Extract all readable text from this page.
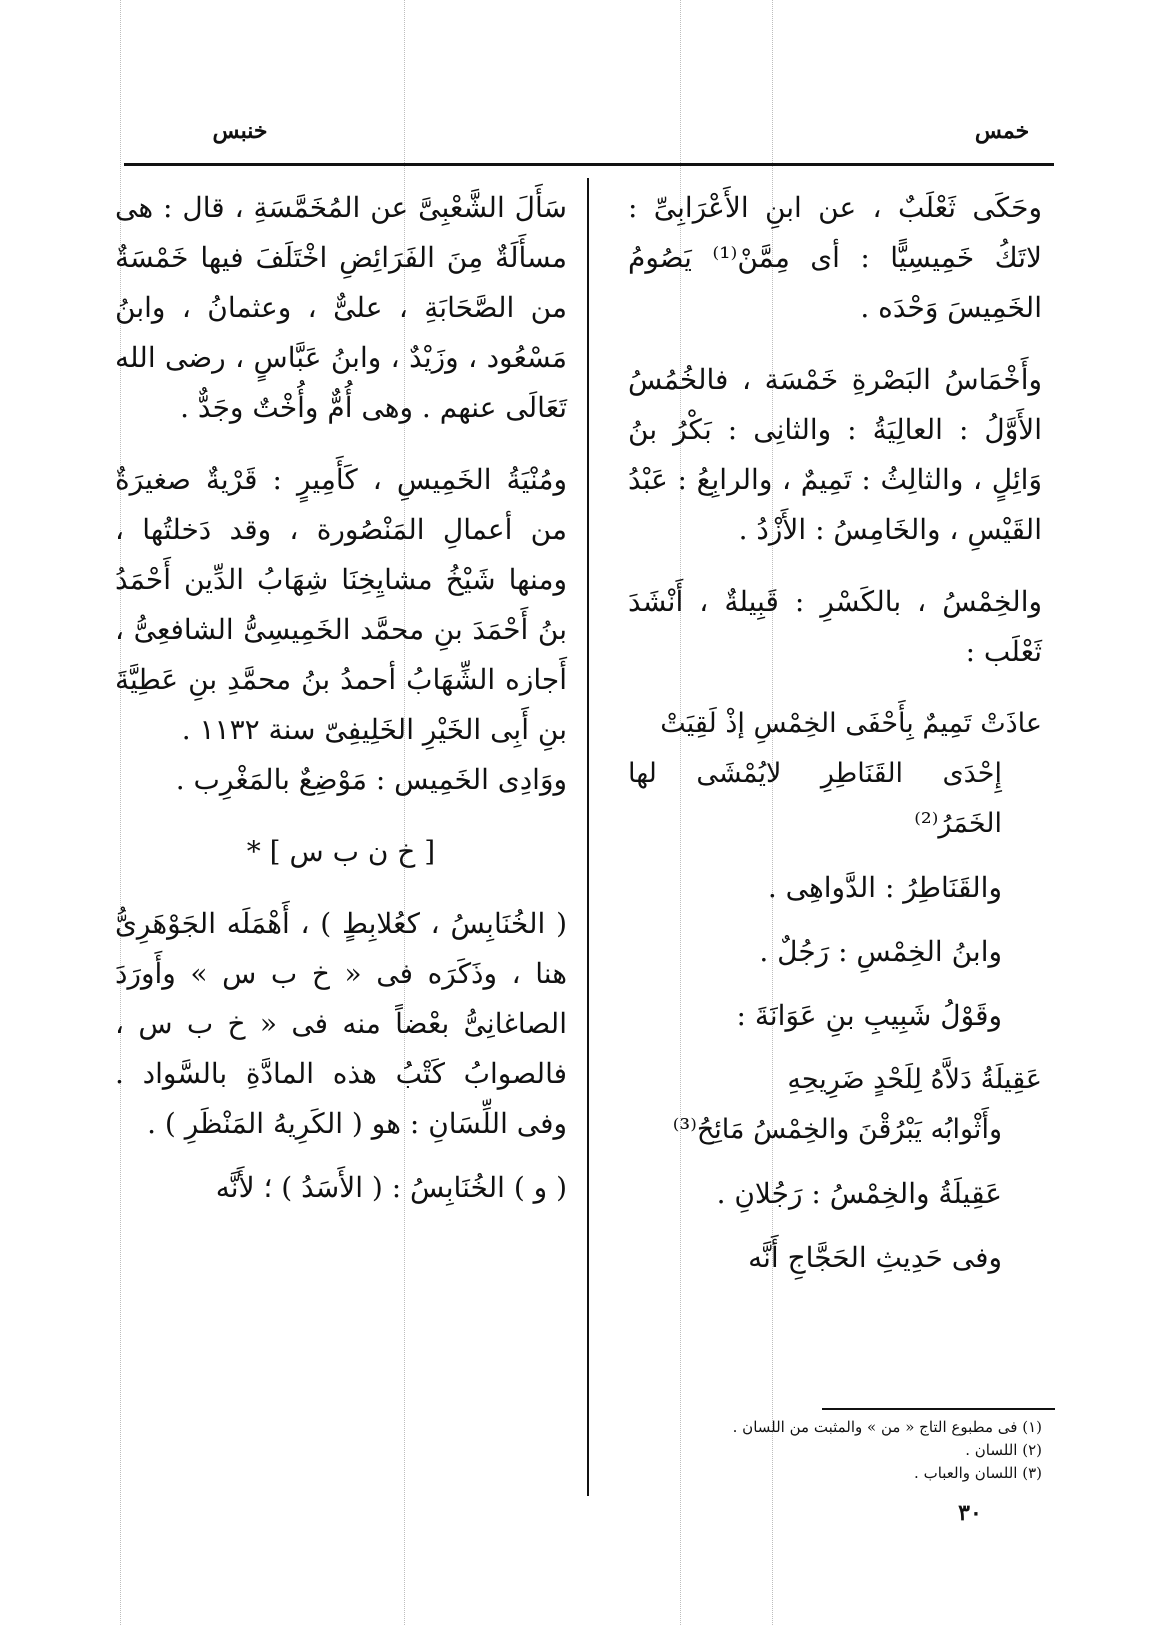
خمس
خنبس

وحَكَى ثَعْلَبٌ ، عن ابنِ الأَعْرَابِىِّ : لاتَكُ خَمِيسِيًّا : أى مِمَّنْ⁽¹⁾ يَصُومُ الخَمِيسَ وَحْدَه .

وأَخْمَاسُ البَصْرةِ خَمْسَة ، فالخُمُسُ الأَوَّلُ : العالِيَةُ : والثانِى : بَكْرُ بنُ وَائِلٍ ، والثالِثُ : تَمِيمٌ ، والرابِعُ : عَبْدُ القَيْسِ ، والخَامِسُ : الأَزْدُ .

والخِمْسُ ، بالكَسْرِ : قَبِيلةٌ ، أَنْشَدَ ثَعْلَب :

عاذَتْ تَمِيمٌ بِأَحْفَى الخِمْسِ إذْ لَقِيَتْ

إِحْدَى القَنَاطِرِ لايُمْشَى لها الخَمَرُ⁽²⁾

والقَنَاطِرُ : الدَّواهِى .

وابنُ الخِمْسِ : رَجُلٌ .

وقَوْلُ شَبِيبِ بنِ عَوَانَةَ :

عَقِيلَةُ دَلاَّهُ لِلَحْدٍ ضَرِيحِهِ

وأَثْوابُه يَبْرُقْنَ والخِمْسُ مَائِحُ⁽³⁾

عَقِيلَةُ والخِمْسُ : رَجُلانِ .

وفى حَدِيثِ الحَجَّاجِ أَنَّه

سَأَلَ الشَّعْبِىَّ عن المُخَمَّسَةِ ، قال : هى مسأَلَةٌ مِنَ الفَرَائِضِ اخْتَلَفَ فيها خَمْسَةٌ من الصَّحَابَةِ ، علىٌّ ، وعثمانُ ، وابنُ مَسْعُود ، وزَيْدٌ ، وابنُ عَبَّاسٍ ، رضى الله تَعَالَى عنهم . وهى أُمٌّ وأُخْتٌ وجَدٌّ .

ومُنْيَةُ الخَمِيسِ ، كَأَمِيرٍ : قَرْيةٌ صغيرَةٌ من أعمالِ المَنْصُورة ، وقد دَخلتُها ، ومنها شَيْخُ مشايِخِنَا شِهَابُ الدِّين أَحْمَدُ بنُ أَحْمَدَ بنِ محمَّد الخَمِيسِىُّ الشافعِىُّ ، أَجازه الشِّهَابُ أحمدُ بنُ محمَّدِ بنِ عَطِيَّةَ بنِ أَبِى الخَيْرِ الخَلِيفِىّ سنة ١١٣٢ .

ووَادِى الخَمِيس : مَوْضِعٌ بالمَغْرِب .

[ خ ن ب س ] *

( الخُنَابِسُ ، كعُلابِطٍ ) ، أَهْمَلَه الجَوْهَرِىُّ هنا ، وذَكَرَه فى « خ ب س » وأَورَدَ الصاغانِىُّ بعْضاً منه فى « خ ب س ، فالصوابُ كَتْبُ هذه المادَّةِ بالسَّواد . وفى اللِّسَانِ : هو ( الكَرِيهُ المَنْظَرِ ) .

( و ) الخُنَابِسُ : ( الأَسَدُ ) ؛ لأَنَّه

(١) فى مطبوع التاج « من » والمثبت من اللسان .
(٢) اللسان .
(٣) اللسان والعباب .
٣٠
